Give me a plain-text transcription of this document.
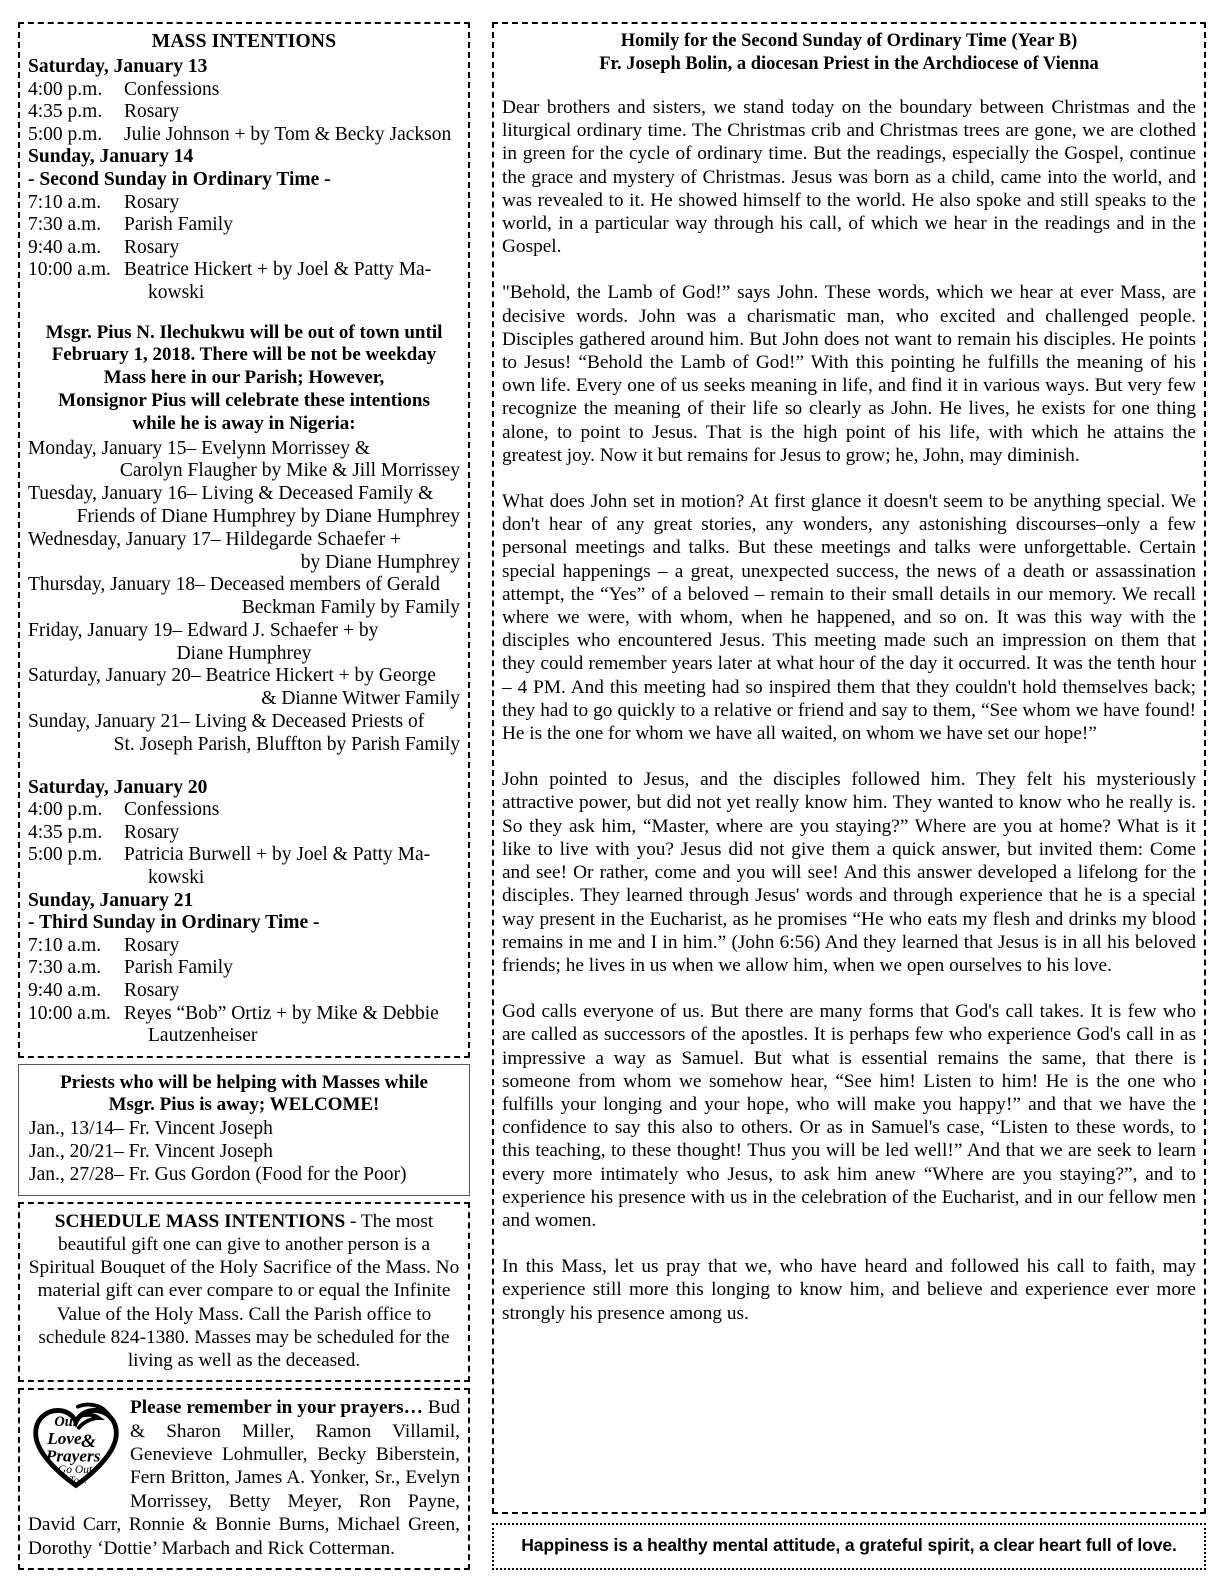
MASS INTENTIONS
Saturday, January 13
4:00 p.m. Confessions
4:35 p.m. Rosary
5:00 p.m. Julie Johnson + by Tom & Becky Jackson
Sunday, January 14
- Second Sunday in Ordinary Time -
7:10 a.m. Rosary
7:30 a.m. Parish Family
9:40 a.m. Rosary
10:00 a.m. Beatrice Hickert + by Joel & Patty Ma-
kowski
Msgr. Pius N. Ilechukwu will be out of town until
February 1, 2018. There will be not be weekday
Mass here in our Parish; However,
Monsignor Pius will celebrate these intentions
while he is away in Nigeria:
Monday, January 15– Evelynn Morrissey &
Carolyn Flaugher by Mike & Jill Morrissey
Tuesday, January 16– Living & Deceased Family &
Friends of Diane Humphrey by Diane Humphrey
Wednesday, January 17– Hildegarde Schaefer +
by Diane Humphrey
Thursday, January 18– Deceased members of Gerald
Beckman Family by Family
Friday, January 19– Edward J. Schaefer + by
Diane Humphrey
Saturday, January 20– Beatrice Hickert + by George
& Dianne Witwer Family
Sunday, January 21– Living & Deceased Priests of
St. Joseph Parish, Bluffton by Parish Family
Saturday, January 20
4:00 p.m. Confessions
4:35 p.m. Rosary
5:00 p.m. Patricia Burwell + by Joel & Patty Ma-
kowski
Sunday, January 21
- Third Sunday in Ordinary Time -
7:10 a.m. Rosary
7:30 a.m. Parish Family
9:40 a.m. Rosary
10:00 a.m. Reyes “Bob” Ortiz + by Mike & Debbie
Lautzenheiser
Priests who will be helping with Masses while
Msgr. Pius is away; WELCOME!
Jan., 13/14– Fr. Vincent Joseph
Jan., 20/21– Fr. Vincent Joseph
Jan., 27/28– Fr. Gus Gordon (Food for the Poor)
SCHEDULE MASS INTENTIONS - The most beautiful gift one can give to another person is a Spiritual Bouquet of the Holy Sacrifice of the Mass. No material gift can ever compare to or equal the Infinite Value of the Holy Mass. Call the Parish office to schedule 824-1380. Masses may be scheduled for the living as well as the deceased.
Our
Love &
Prayers
Go Out
To...
Please remember in your prayers… Bud & Sharon Miller, Ramon Villamil, Genevieve Lohmuller, Becky Biberstein, Fern Britton, James A. Yonker, Sr., Evelyn Morrissey, Betty Meyer, Ron Payne, David Carr, Ronnie & Bonnie Burns, Michael Green, Dorothy ‘Dottie’ Marbach and Rick Cotterman.
Homily for the Second Sunday of Ordinary Time (Year B)
Fr. Joseph Bolin, a diocesan Priest in the Archdiocese of Vienna

Dear brothers and sisters, we stand today on the boundary between Christmas and the liturgical ordinary time. The Christmas crib and Christmas trees are gone, we are clothed in green for the cycle of ordinary time. But the readings, especially the Gospel, continue the grace and mystery of Christmas. Jesus was born as a child, came into the world, and was revealed to it. He showed himself to the world. He also spoke and still speaks to the world, in a particular way through his call, of which we hear in the readings and in the Gospel.

"Behold, the Lamb of God!” says John. These words, which we hear at ever Mass, are decisive words. John was a charismatic man, who excited and challenged people. Disciples gathered around him. But John does not want to remain his disciples. He points to Jesus! “Behold the Lamb of God!” With this pointing he fulfills the meaning of his own life. Every one of us seeks meaning in life, and find it in various ways. But very few recognize the meaning of their life so clearly as John. He lives, he exists for one thing alone, to point to Jesus. That is the high point of his life, with which he attains the greatest joy. Now it but remains for Jesus to grow; he, John, may diminish.

What does John set in motion? At first glance it doesn't seem to be anything special. We don't hear of any great stories, any wonders, any astonishing discourses–only a few personal meetings and talks. But these meetings and talks were unforgettable. Certain special happenings – a great, unexpected success, the news of a death or assassination attempt, the “Yes” of a beloved – remain to their small details in our memory. We recall where we were, with whom, when he happened, and so on. It was this way with the disciples who encountered Jesus. This meeting made such an impression on them that they could remember years later at what hour of the day it occurred. It was the tenth hour – 4 PM. And this meeting had so inspired them that they couldn't hold themselves back; they had to go quickly to a relative or friend and say to them, “See whom we have found! He is the one for whom we have all waited, on whom we have set our hope!”

John pointed to Jesus, and the disciples followed him. They felt his mysteriously attractive power, but did not yet really know him. They wanted to know who he really is. So they ask him, “Master, where are you staying?” Where are you at home? What is it like to live with you? Jesus did not give them a quick answer, but invited them: Come and see! Or rather, come and you will see! And this answer developed a lifelong for the disciples. They learned through Jesus' words and through experience that he is a special way present in the Eucharist, as he promises “He who eats my flesh and drinks my blood remains in me and I in him.” (John 6:56) And they learned that Jesus is in all his beloved friends; he lives in us when we allow him, when we open ourselves to his love.

God calls everyone of us. But there are many forms that God's call takes. It is few who are called as successors of the apostles. It is perhaps few who experience God's call in as impressive a way as Samuel. But what is essential remains the same, that there is someone from whom we somehow hear, “See him! Listen to him! He is the one who fulfills your longing and your hope, who will make you happy!” and that we have the confidence to say this also to others. Or as in Samuel's case, “Listen to these words, to this teaching, to these thought! Thus you will be led well!” And that we are seek to learn every more intimately who Jesus, to ask him anew “Where are you staying?”, and to experience his presence with us in the celebration of the Eucharist, and in our fellow men and women.

In this Mass, let us pray that we, who have heard and followed his call to faith, may experience still more this longing to know him, and believe and experience ever more strongly his presence among us.

Happiness is a healthy mental attitude, a grateful spirit, a clear heart full of love.
